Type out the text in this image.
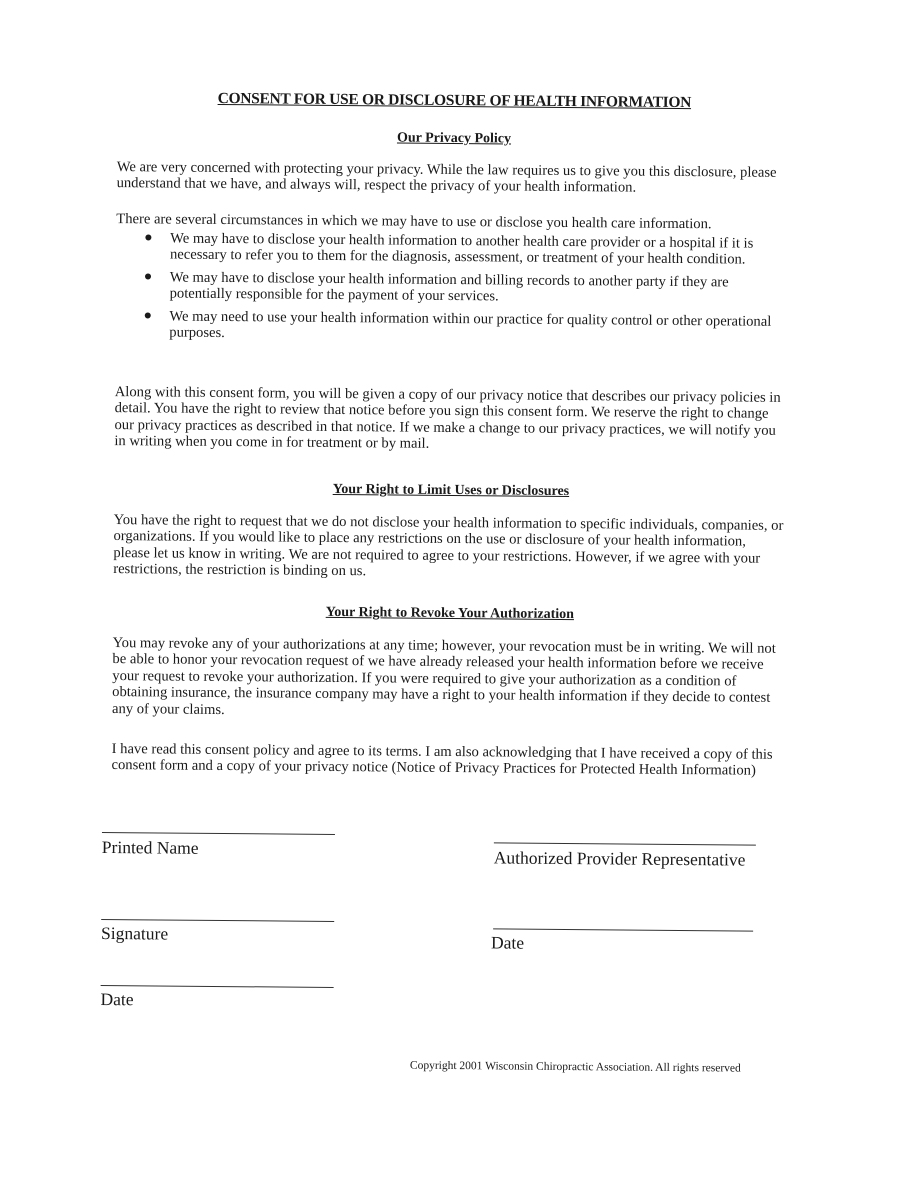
CONSENT FOR USE OR DISCLOSURE OF HEALTH INFORMATION
Our Privacy Policy
We are very concerned with protecting your privacy. While the law requires us to give you this disclosure, please understand that we have, and always will, respect the privacy of your health information.
There are several circumstances in which we may have to use or disclose you health care information.
● We may have to disclose your health information to another health care provider or a hospital if it is necessary to refer you to them for the diagnosis, assessment, or treatment of your health condition.
● We may have to disclose your health information and billing records to another party if they are potentially responsible for the payment of your services.
● We may need to use your health information within our practice for quality control or other operational purposes.
Along with this consent form, you will be given a copy of our privacy notice that describes our privacy policies in detail. You have the right to review that notice before you sign this consent form. We reserve the right to change our privacy practices as described in that notice. If we make a change to our privacy practices, we will notify you in writing when you come in for treatment or by mail.
Your Right to Limit Uses or Disclosures
You have the right to request that we do not disclose your health information to specific individuals, companies, or organizations. If you would like to place any restrictions on the use or disclosure of your health information, please let us know in writing. We are not required to agree to your restrictions. However, if we agree with your restrictions, the restriction is binding on us.
Your Right to Revoke Your Authorization
You may revoke any of your authorizations at any time; however, your revocation must be in writing. We will not be able to honor your revocation request of we have already released your health information before we receive your request to revoke your authorization. If you were required to give your authorization as a condition of obtaining insurance, the insurance company may have a right to your health information if they decide to contest any of your claims.
I have read this consent policy and agree to its terms. I am also acknowledging that I have received a copy of this consent form and a copy of your privacy notice (Notice of Privacy Practices for Protected Health Information)
Printed Name	Authorized Provider Representative
Signature	Date
Date
Copyright 2001 Wisconsin Chiropractic Association. All rights reserved
